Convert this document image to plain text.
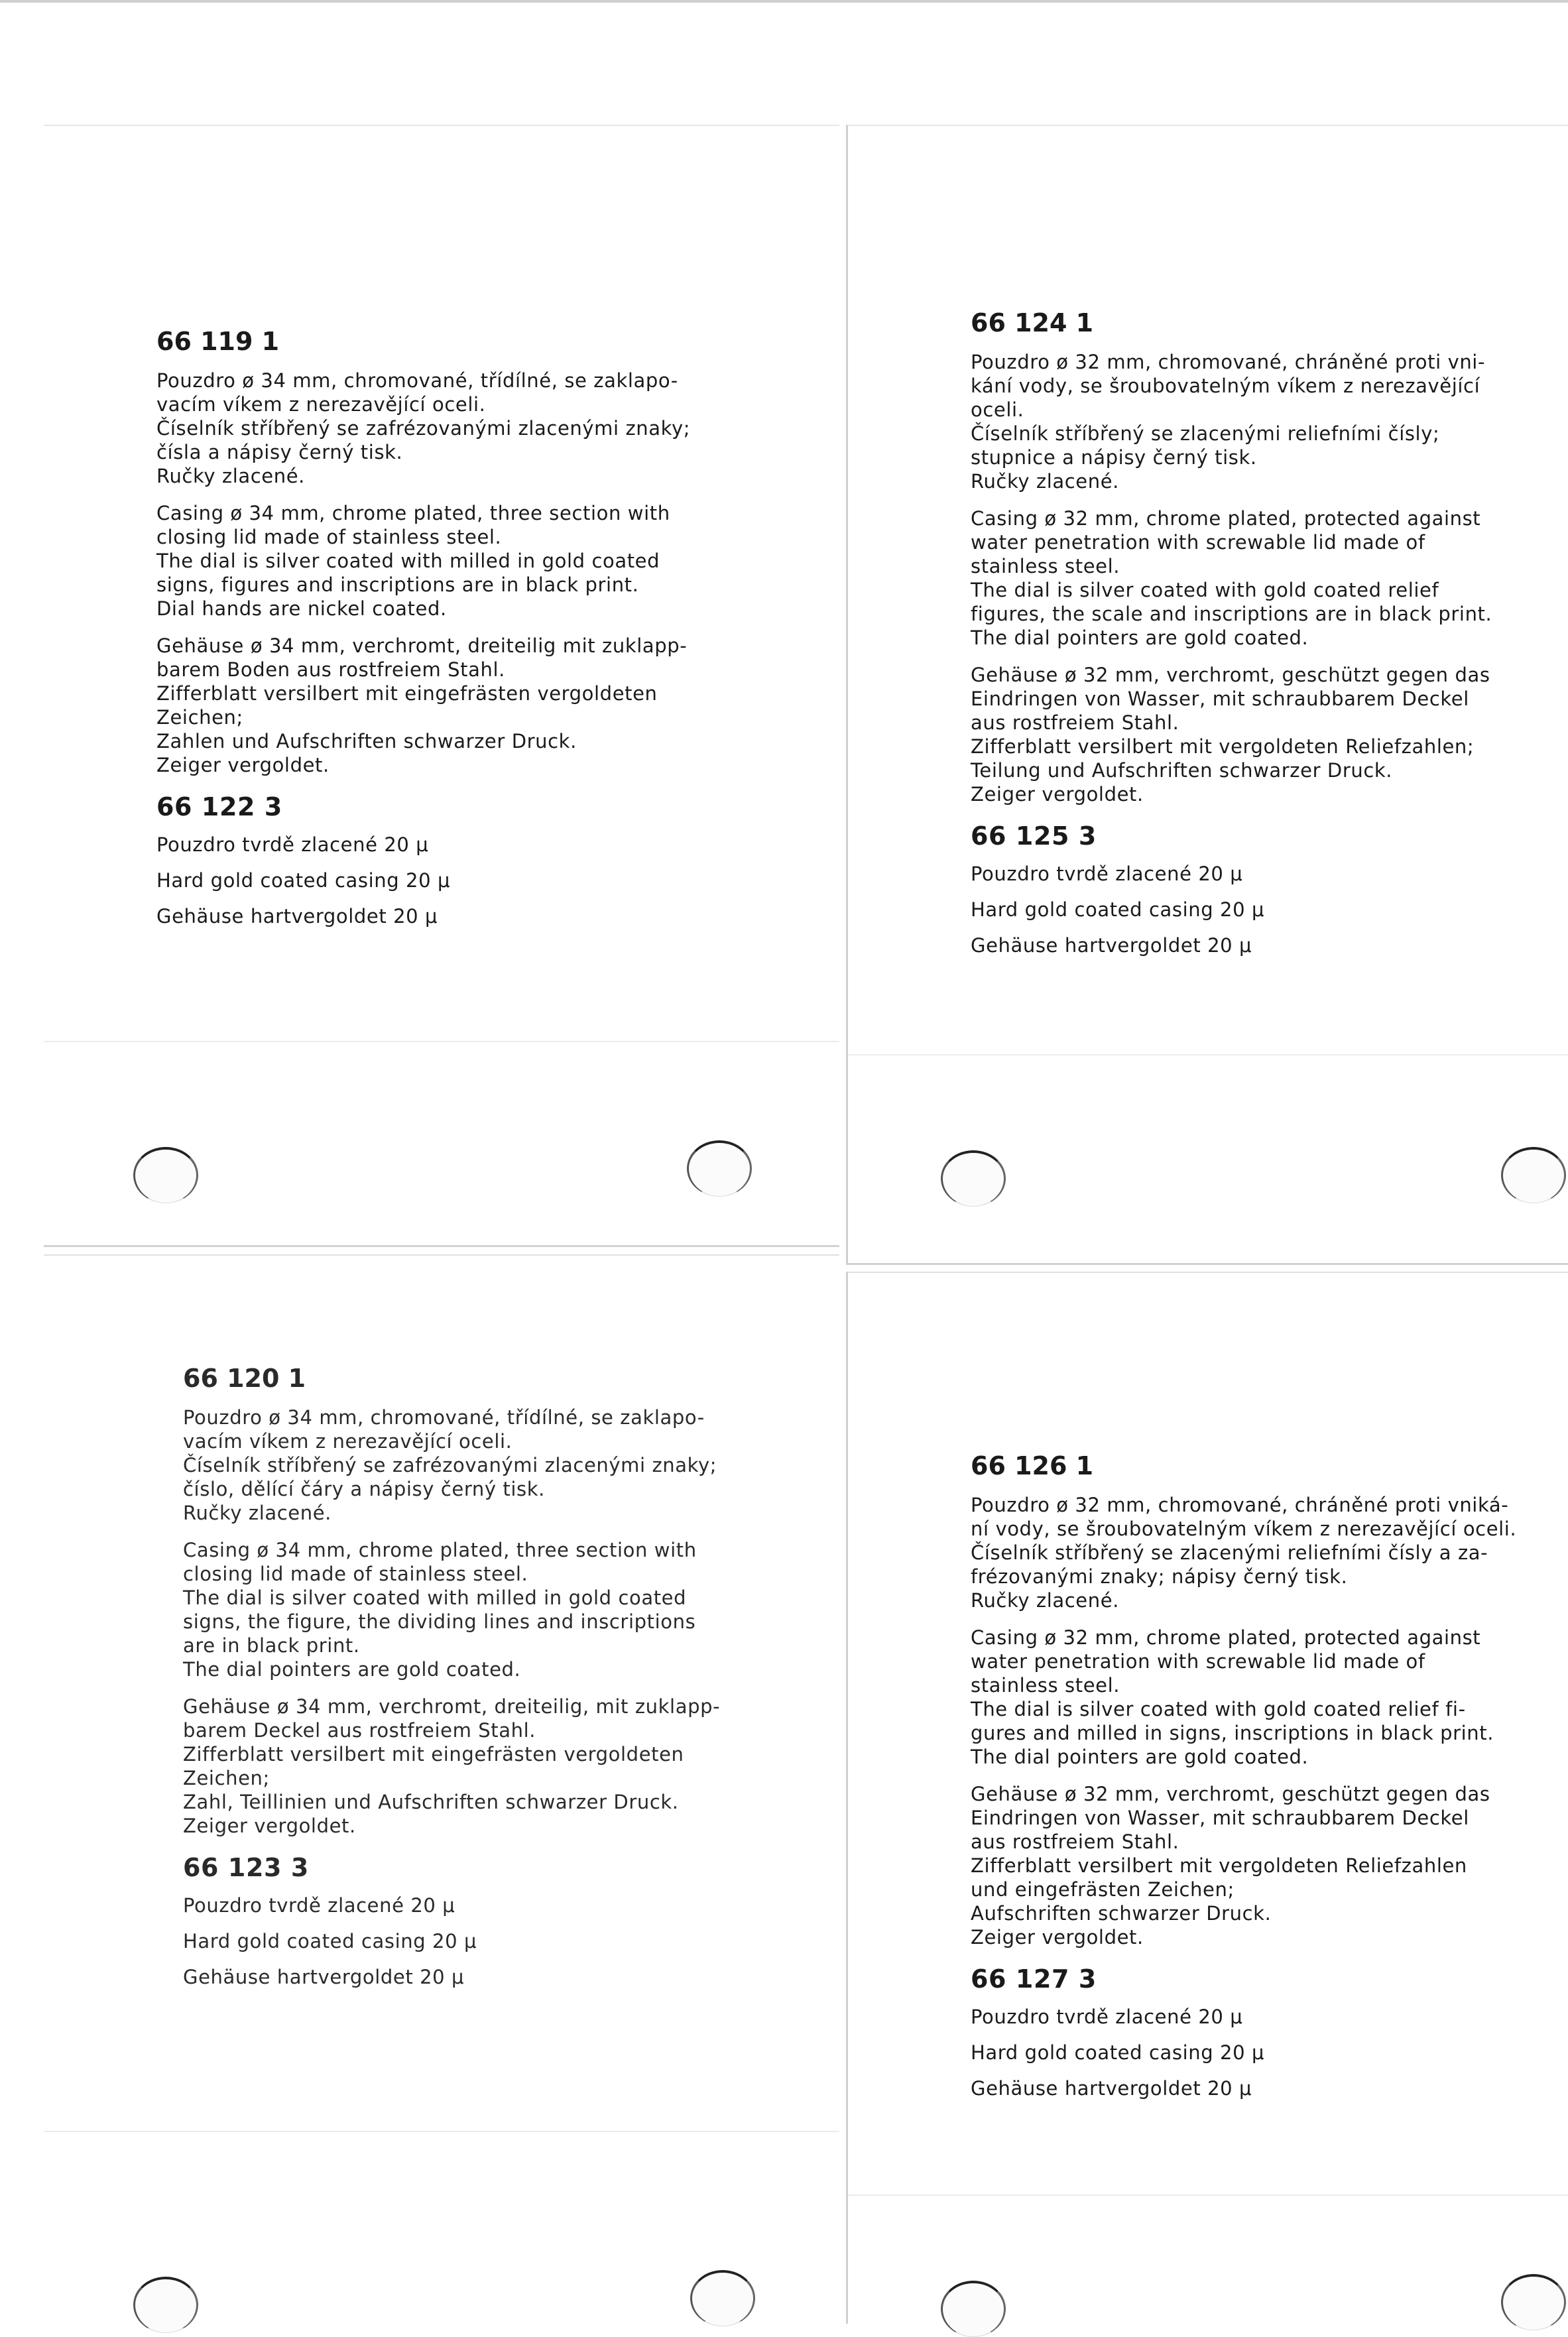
66 119 1

Pouzdro ø 34 mm, chromované, třídílné, se zaklapo-
vacím víkem z nerezavějící oceli.
Číselník stříbřený se zafrézovanými zlacenými znaky;
čísla a nápisy černý tisk.
Ručky zlacené.

Casing ø 34 mm, chrome plated, three section with
closing lid made of stainless steel.
The dial is silver coated with milled in gold coated
signs, figures and inscriptions are in black print.
Dial hands are nickel coated.

Gehäuse ø 34 mm, verchromt, dreiteilig mit zuklapp-
barem Boden aus rostfreiem Stahl.
Zifferblatt versilbert mit eingefrästen vergoldeten
Zeichen;
Zahlen und Aufschriften schwarzer Druck.
Zeiger vergoldet.

66 122 3
Pouzdro tvrdě zlacené 20 μ
Hard gold coated casing 20 μ
Gehäuse hartvergoldet 20 μ
66 124 1

Pouzdro ø 32 mm, chromované, chráněné proti vni-
kání vody, se šroubovatelným víkem z nerezavějící
oceli.
Číselník stříbřený se zlacenými reliefními čísly;
stupnice a nápisy černý tisk.
Ručky zlacené.

Casing ø 32 mm, chrome plated, protected against
water penetration with screwable lid made of
stainless steel.
The dial is silver coated with gold coated relief
figures, the scale and inscriptions are in black print.
The dial pointers are gold coated.

Gehäuse ø 32 mm, verchromt, geschützt gegen das
Eindringen von Wasser, mit schraubbarem Deckel
aus rostfreiem Stahl.
Zifferblatt versilbert mit vergoldeten Reliefzahlen;
Teilung und Aufschriften schwarzer Druck.
Zeiger vergoldet.

66 125 3
Pouzdro tvrdě zlacené 20 μ
Hard gold coated casing 20 μ
Gehäuse hartvergoldet 20 μ
66 120 1

Pouzdro ø 34 mm, chromované, třídílné, se zaklapo-
vacím víkem z nerezavějící oceli.
Číselník stříbřený se zafrézovanými zlacenými znaky;
číslo, dělící čáry a nápisy černý tisk.
Ručky zlacené.

Casing ø 34 mm, chrome plated, three section with
closing lid made of stainless steel.
The dial is silver coated with milled in gold coated
signs, the figure, the dividing lines and inscriptions
are in black print.
The dial pointers are gold coated.

Gehäuse ø 34 mm, verchromt, dreiteilig, mit zuklapp-
barem Deckel aus rostfreiem Stahl.
Zifferblatt versilbert mit eingefrästen vergoldeten
Zeichen;
Zahl, Teillinien und Aufschriften schwarzer Druck.
Zeiger vergoldet.

66 123 3
Pouzdro tvrdě zlacené 20 μ
Hard gold coated casing 20 μ
Gehäuse hartvergoldet 20 μ
66 126 1

Pouzdro ø 32 mm, chromované, chráněné proti vniká-
ní vody, se šroubovatelným víkem z nerezavějící oceli.
Číselník stříbřený se zlacenými reliefními čísly a za-
frézovanými znaky; nápisy černý tisk.
Ručky zlacené.

Casing ø 32 mm, chrome plated, protected against
water penetration with screwable lid made of
stainless steel.
The dial is silver coated with gold coated relief fi-
gures and milled in signs, inscriptions in black print.
The dial pointers are gold coated.

Gehäuse ø 32 mm, verchromt, geschützt gegen das
Eindringen von Wasser, mit schraubbarem Deckel
aus rostfreiem Stahl.
Zifferblatt versilbert mit vergoldeten Reliefzahlen
und eingefrästen Zeichen;
Aufschriften schwarzer Druck.
Zeiger vergoldet.

66 127 3
Pouzdro tvrdě zlacené 20 μ
Hard gold coated casing 20 μ
Gehäuse hartvergoldet 20 μ
